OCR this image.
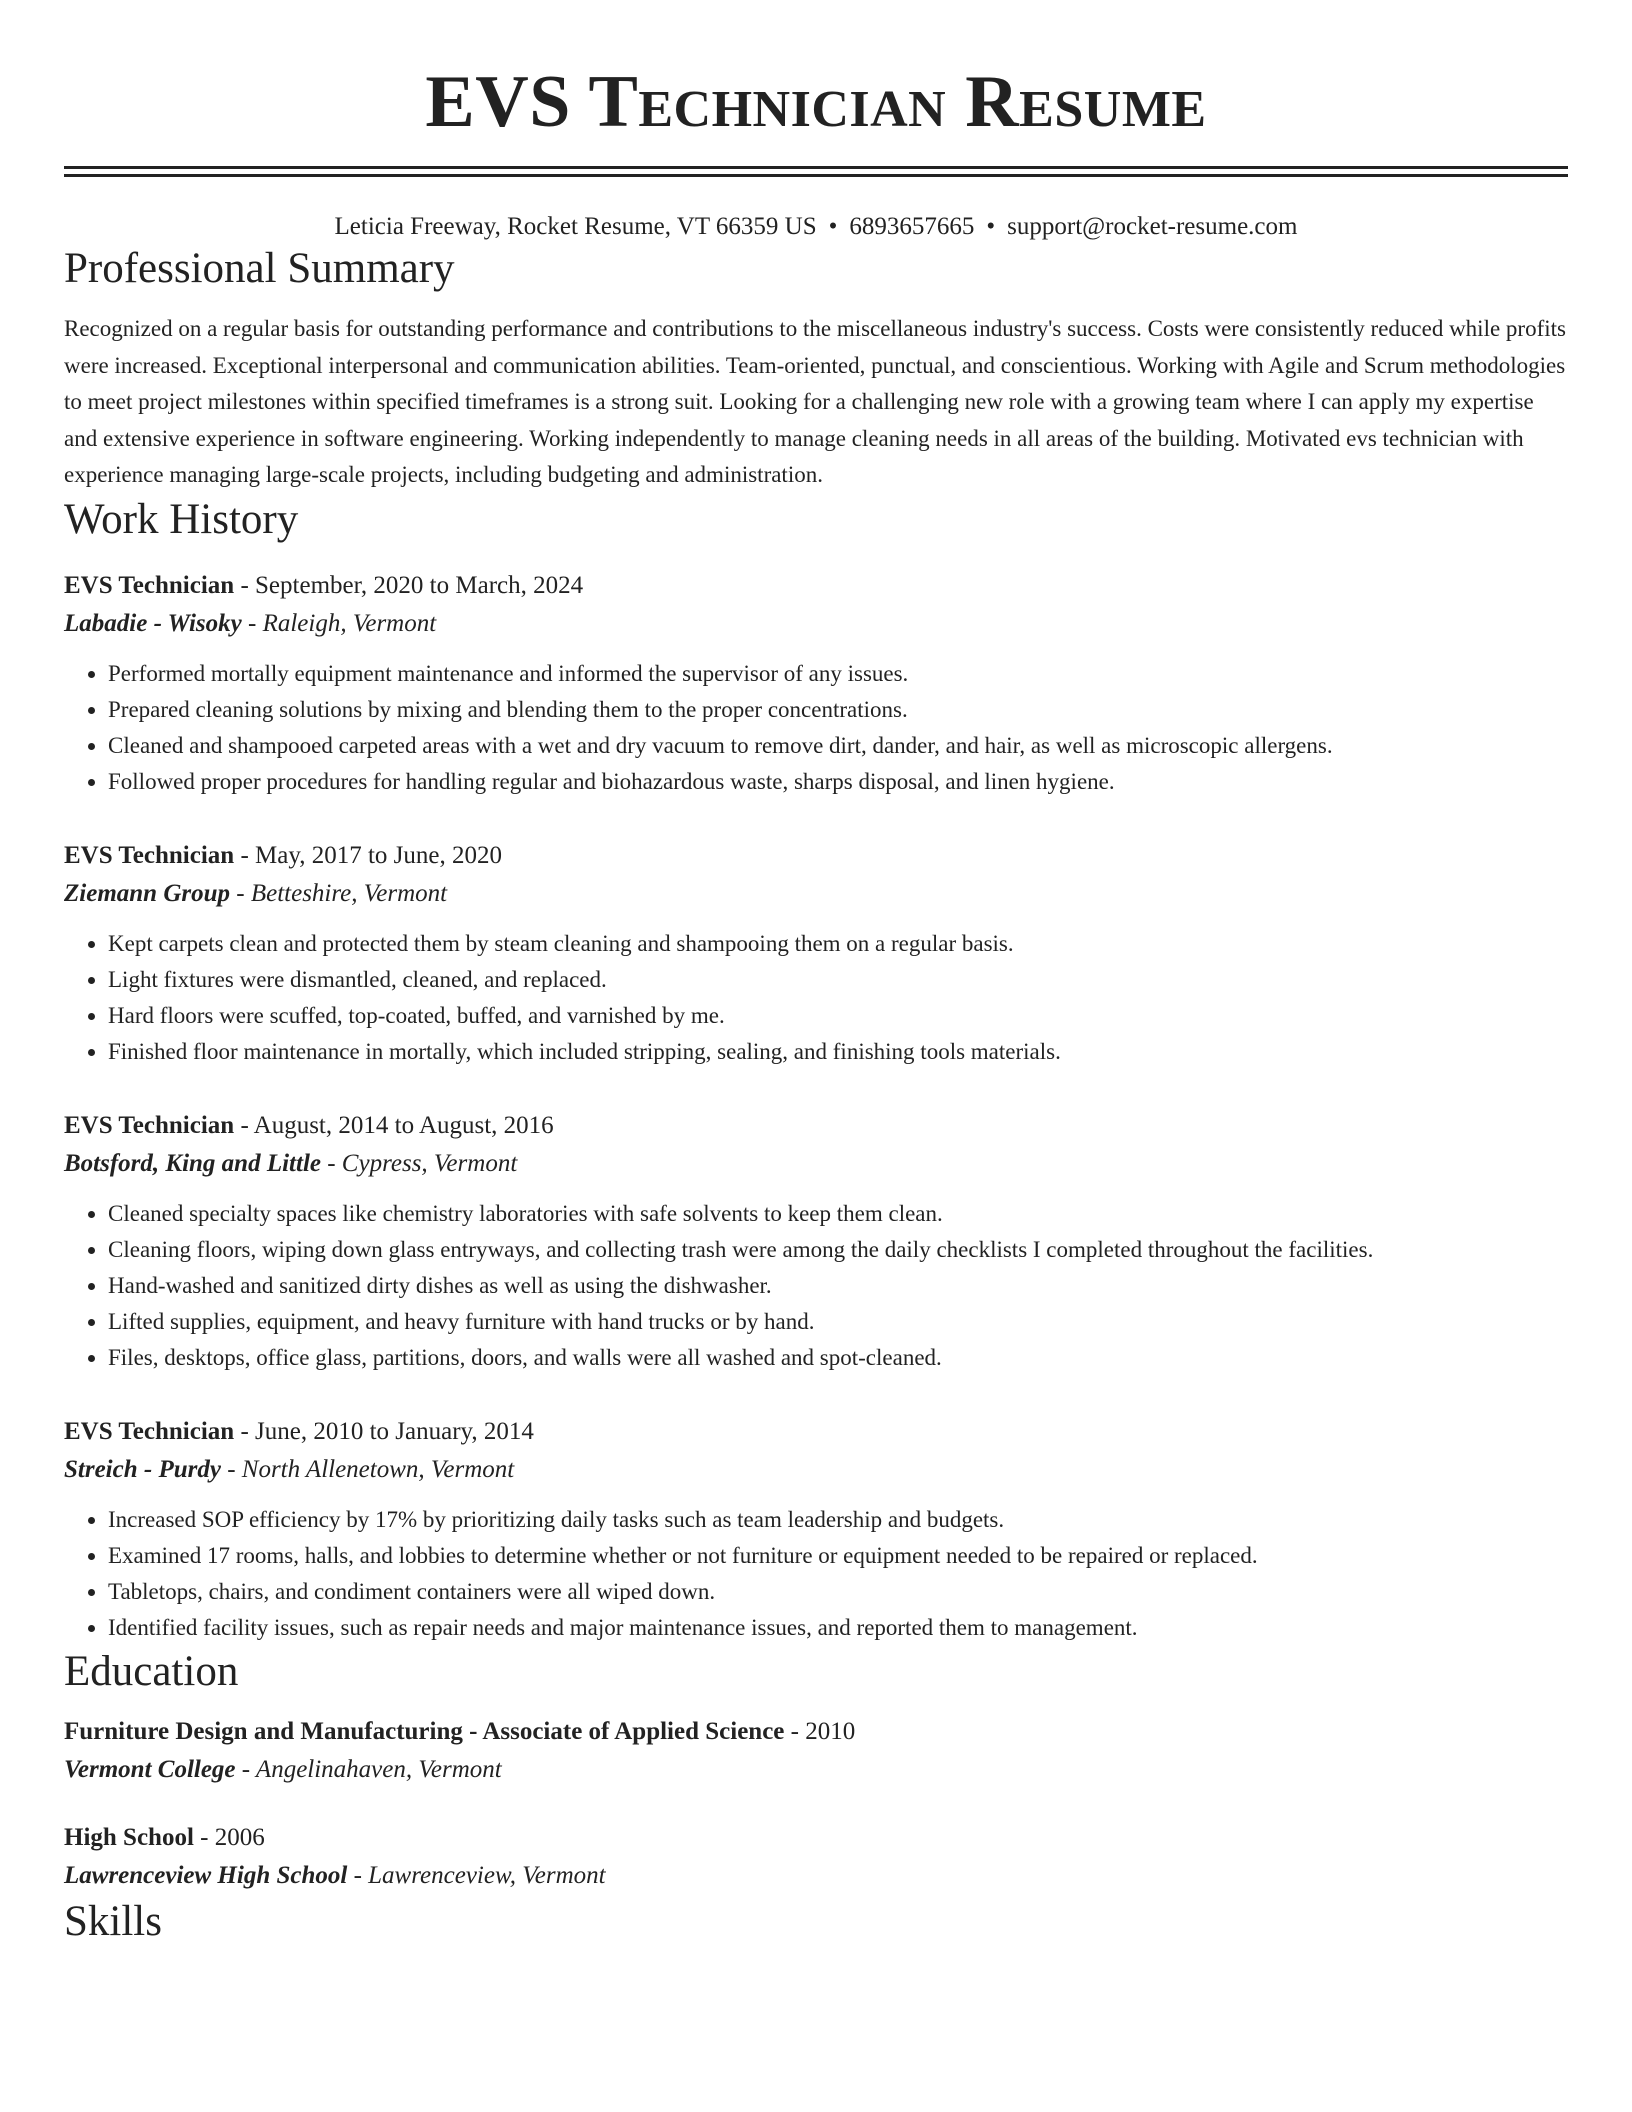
EVS Technician Resume
Leticia Freeway, Rocket Resume, VT 66359 US • 6893657665 • support@rocket-resume.com
Professional Summary
Recognized on a regular basis for outstanding performance and contributions to the miscellaneous industry's success. Costs were consistently reduced while profits were increased. Exceptional interpersonal and communication abilities. Team-oriented, punctual, and conscientious. Working with Agile and Scrum methodologies to meet project milestones within specified timeframes is a strong suit. Looking for a challenging new role with a growing team where I can apply my expertise and extensive experience in software engineering. Working independently to manage cleaning needs in all areas of the building. Motivated evs technician with experience managing large-scale projects, including budgeting and administration.
Work History
EVS Technician - September, 2020 to March, 2024
Labadie - Wisoky - Raleigh, Vermont
• Performed mortally equipment maintenance and informed the supervisor of any issues.
• Prepared cleaning solutions by mixing and blending them to the proper concentrations.
• Cleaned and shampooed carpeted areas with a wet and dry vacuum to remove dirt, dander, and hair, as well as microscopic allergens.
• Followed proper procedures for handling regular and biohazardous waste, sharps disposal, and linen hygiene.
EVS Technician - May, 2017 to June, 2020
Ziemann Group - Betteshire, Vermont
• Kept carpets clean and protected them by steam cleaning and shampooing them on a regular basis.
• Light fixtures were dismantled, cleaned, and replaced.
• Hard floors were scuffed, top-coated, buffed, and varnished by me.
• Finished floor maintenance in mortally, which included stripping, sealing, and finishing tools materials.
EVS Technician - August, 2014 to August, 2016
Botsford, King and Little - Cypress, Vermont
• Cleaned specialty spaces like chemistry laboratories with safe solvents to keep them clean.
• Cleaning floors, wiping down glass entryways, and collecting trash were among the daily checklists I completed throughout the facilities.
• Hand-washed and sanitized dirty dishes as well as using the dishwasher.
• Lifted supplies, equipment, and heavy furniture with hand trucks or by hand.
• Files, desktops, office glass, partitions, doors, and walls were all washed and spot-cleaned.
EVS Technician - June, 2010 to January, 2014
Streich - Purdy - North Allenetown, Vermont
• Increased SOP efficiency by 17% by prioritizing daily tasks such as team leadership and budgets.
• Examined 17 rooms, halls, and lobbies to determine whether or not furniture or equipment needed to be repaired or replaced.
• Tabletops, chairs, and condiment containers were all wiped down.
• Identified facility issues, such as repair needs and major maintenance issues, and reported them to management.
Education
Furniture Design and Manufacturing - Associate of Applied Science - 2010
Vermont College - Angelinahaven, Vermont
High School - 2006
Lawrenceview High School - Lawrenceview, Vermont
Skills
